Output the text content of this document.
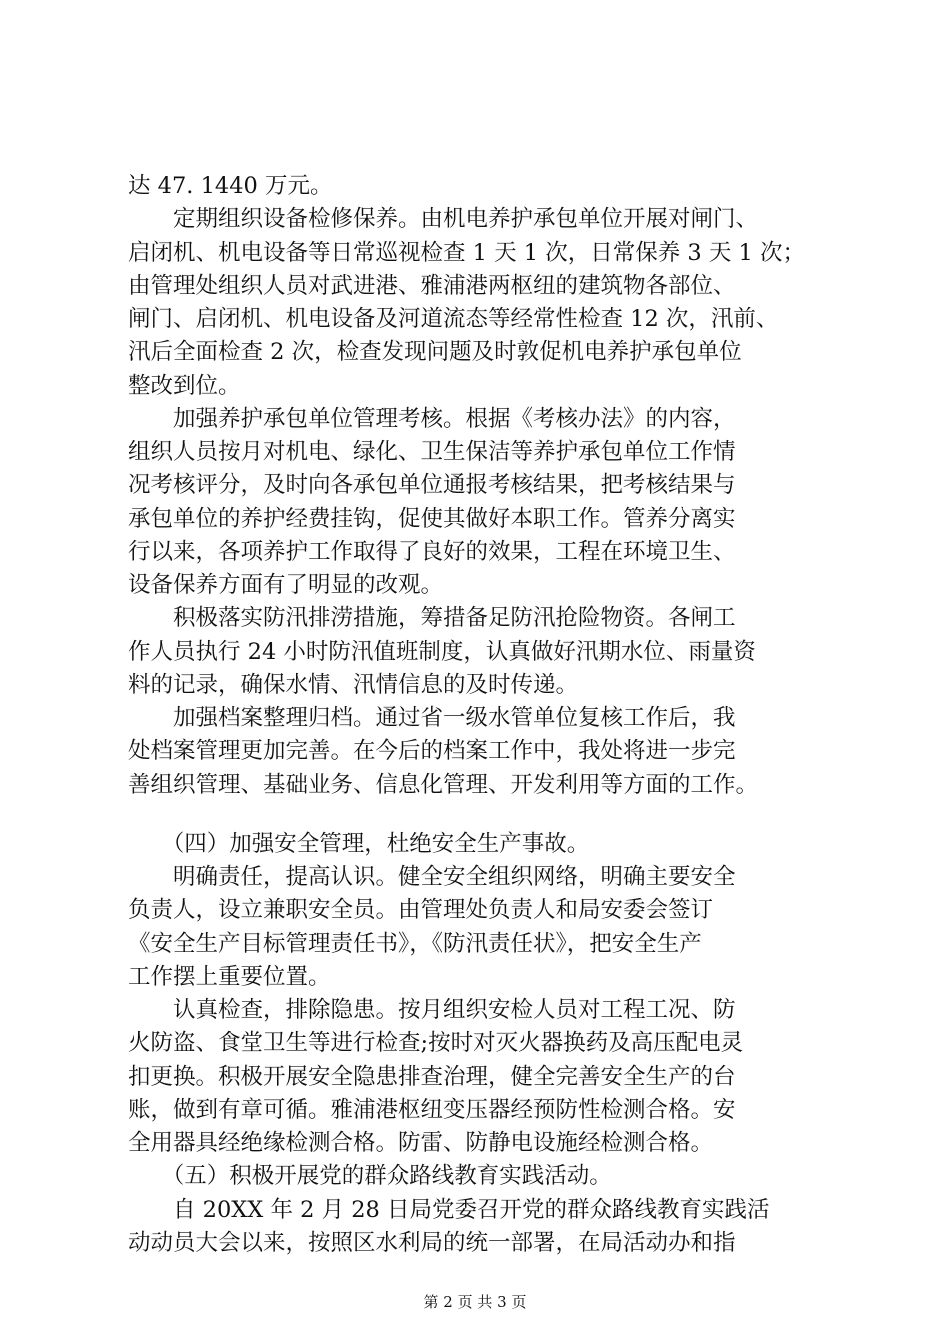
达 47. 1440 万元。
　　定期组织设备检修保养。由机电养护承包单位开展对闸门、
启闭机、机电设备等日常巡视检查 1 天 1 次，日常保养 3 天 1 次；
由管理处组织人员对武进港、雅浦港两枢纽的建筑物各部位、
闸门、启闭机、机电设备及河道流态等经常性检查 12 次，汛前、
汛后全面检查 2 次，检查发现问题及时敦促机电养护承包单位
整改到位。
　　加强养护承包单位管理考核。根据《考核办法》的内容，
组织人员按月对机电、绿化、卫生保洁等养护承包单位工作情
况考核评分，及时向各承包单位通报考核结果，把考核结果与
承包单位的养护经费挂钩，促使其做好本职工作。管养分离实
行以来，各项养护工作取得了良好的效果，工程在环境卫生、
设备保养方面有了明显的改观。
　　积极落实防汛排涝措施，筹措备足防汛抢险物资。各闸工
作人员执行 24 小时防汛值班制度，认真做好汛期水位、雨量资
料的记录，确保水情、汛情信息的及时传递。
　　加强档案整理归档。通过省一级水管单位复核工作后，我
处档案管理更加完善。在今后的档案工作中，我处将进一步完
善组织管理、基础业务、信息化管理、开发利用等方面的工作。
　　（四）加强安全管理，杜绝安全生产事故。
　　明确责任，提高认识。健全安全组织网络，明确主要安全
负责人，设立兼职安全员。由管理处负责人和局安委会签订
《安全生产目标管理责任书》，《防汛责任状》，把安全生产
工作摆上重要位置。
　　认真检查，排除隐患。按月组织安检人员对工程工况、防
火防盗、食堂卫生等进行检查;按时对灭火器换药及高压配电灵
扣更换。积极开展安全隐患排查治理，健全完善安全生产的台
账，做到有章可循。雅浦港枢纽变压器经预防性检测合格。安
全用器具经绝缘检测合格。防雷、防静电设施经检测合格。
　　（五）积极开展党的群众路线教育实践活动。
　　自 20XX 年 2 月 28 日局党委召开党的群众路线教育实践活
动动员大会以来，按照区水利局的统一部署，在局活动办和指
第 2 页 共 3 页
